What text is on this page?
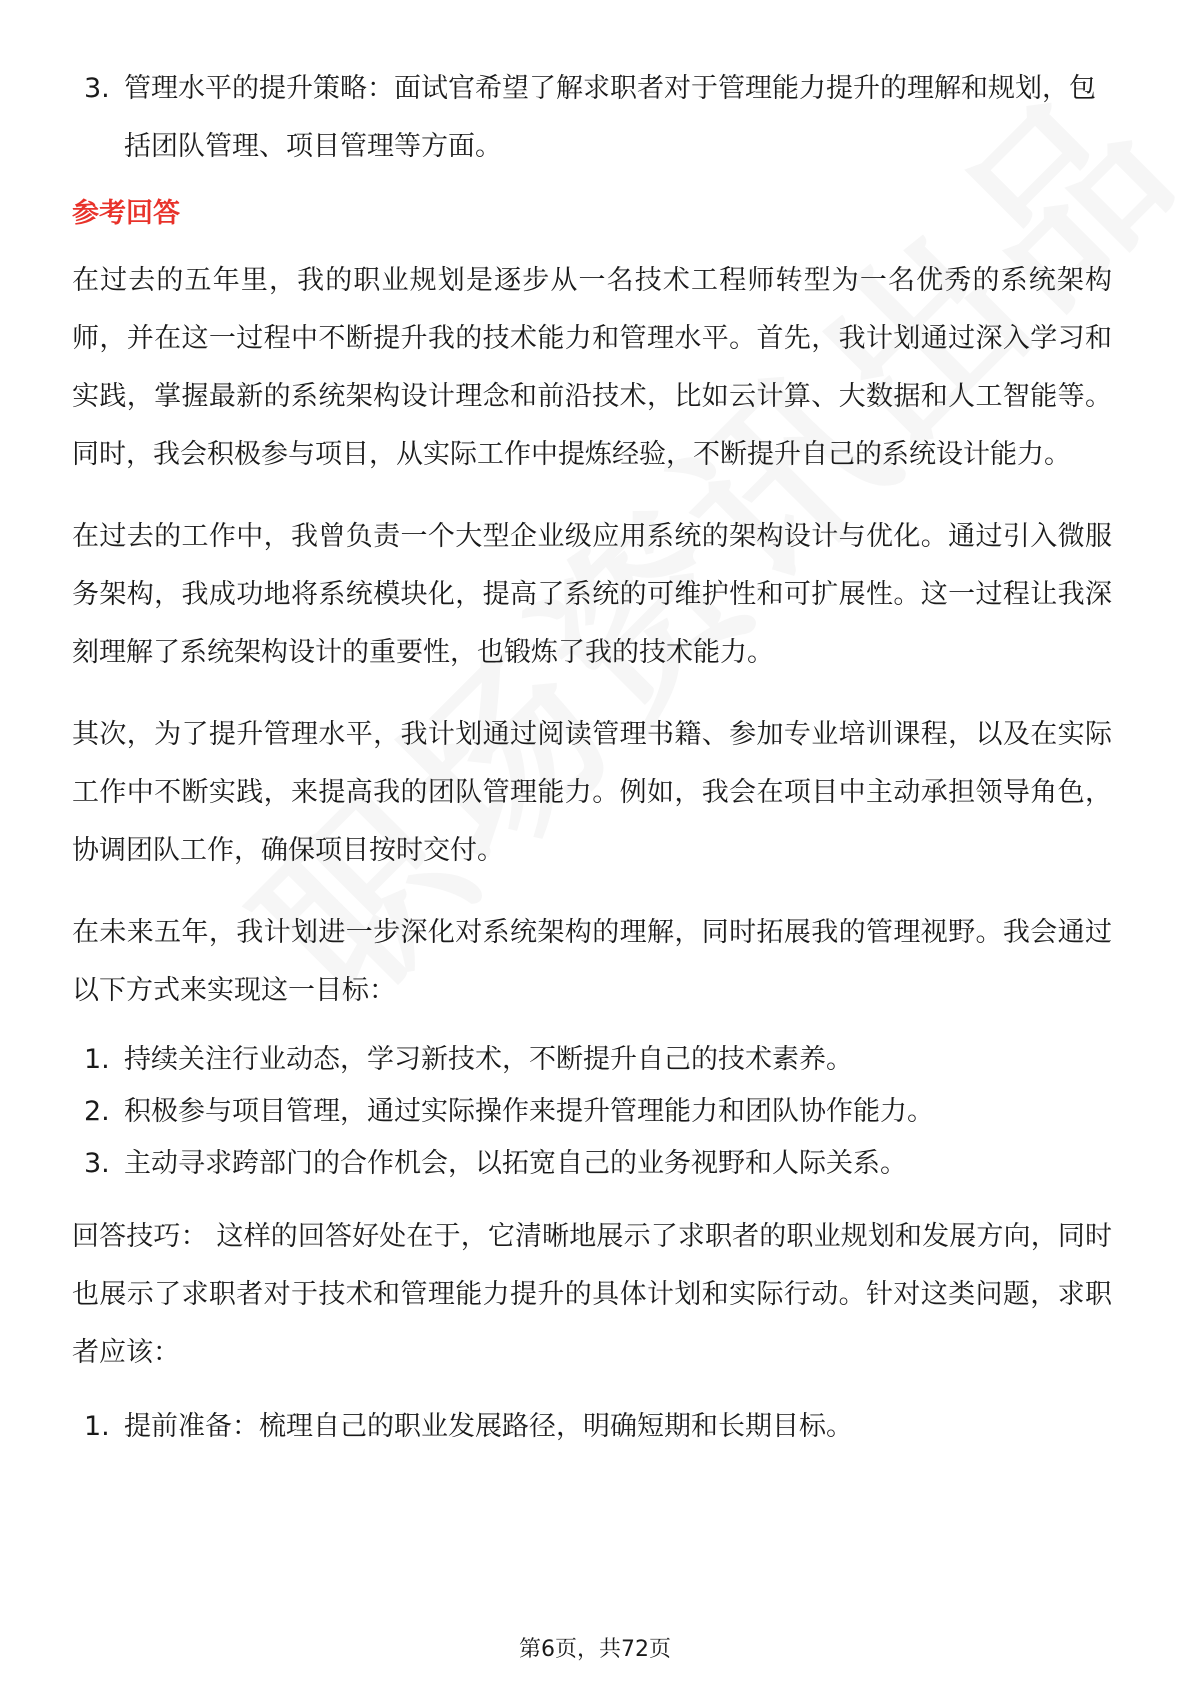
3. 管理水平的提升策略：面试官希望了解求职者对于管理能力提升的理解和规划，包括团队管理、项目管理等方面。
参考回答

在过去的五年里，我的职业规划是逐步从一名技术工程师转型为一名优秀的系统架构师，并在这一过程中不断提升我的技术能力和管理水平。首先，我计划通过深入学习和实践，掌握最新的系统架构设计理念和前沿技术，比如云计算、大数据和人工智能等。同时，我会积极参与项目，从实际工作中提炼经验，不断提升自己的系统设计能力。

在过去的工作中，我曾负责一个大型企业级应用系统的架构设计与优化。通过引入微服务架构，我成功地将系统模块化，提高了系统的可维护性和可扩展性。这一过程让我深刻理解了系统架构设计的重要性，也锻炼了我的技术能力。

其次，为了提升管理水平，我计划通过阅读管理书籍、参加专业培训课程，以及在实际工作中不断实践，来提高我的团队管理能力。例如，我会在项目中主动承担领导角色，协调团队工作，确保项目按时交付。

在未来五年，我计划进一步深化对系统架构的理解，同时拓展我的管理视野。我会通过以下方式来实现这一目标：

1. 持续关注行业动态，学习新技术，不断提升自己的技术素养。
2. 积极参与项目管理，通过实际操作来提升管理能力和团队协作能力。
3. 主动寻求跨部门的合作机会，以拓宽自己的业务视野和人际关系。

回答技巧： 这样的回答好处在于，它清晰地展示了求职者的职业规划和发展方向，同时也展示了求职者对于技术和管理能力提升的具体计划和实际行动。针对这类问题，求职者应该：

1. 提前准备：梳理自己的职业发展路径，明确短期和长期目标。
第6页，共72页
